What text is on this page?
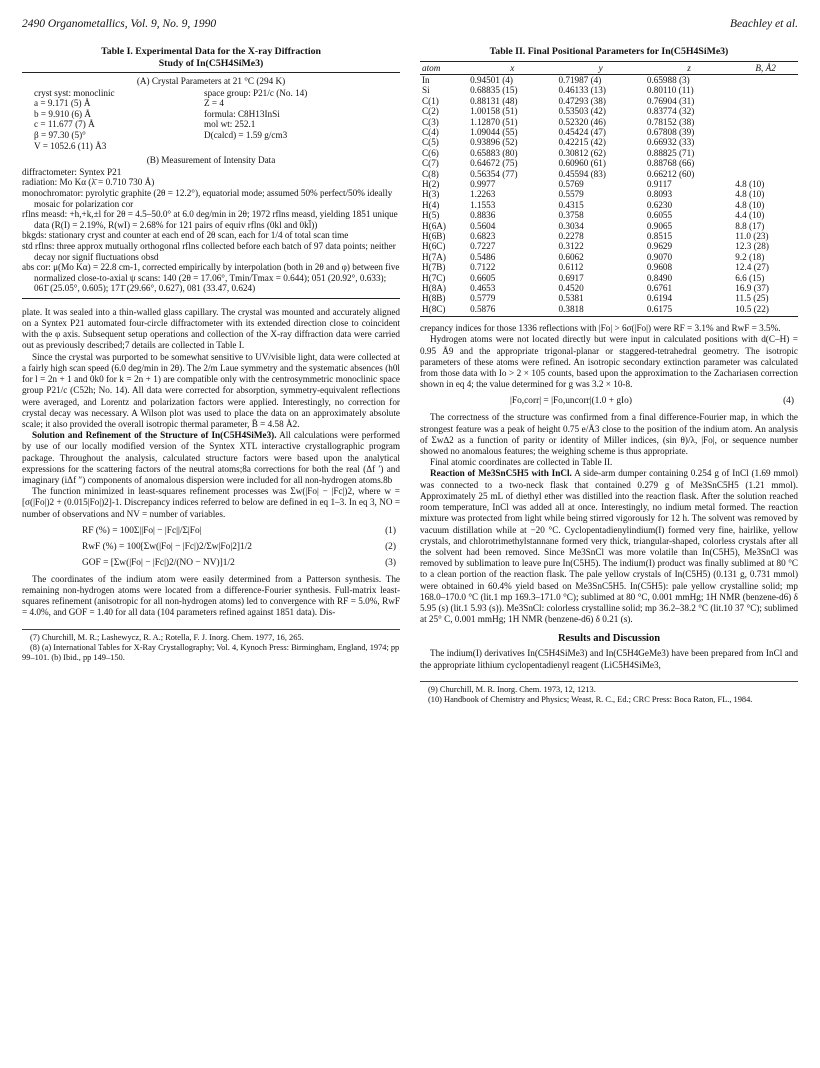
2490 Organometallics, Vol. 9, No. 9, 1990	Beachley et al.
Table I. Experimental Data for the X-ray Diffraction
Study of In(C5H4SiMe3)
(A) Crystal Parameters at 21 °C (294 K)
cryst syst: monoclinic	space group: P21/c (No. 14)
a = 9.171 (5) Å	Z = 4
b = 9.910 (6) Å	formula: C8H13InSi
c = 11.677 (7) Å	mol wt: 252.1
β = 97.30 (5)°	D(calcd) = 1.59 g/cm3
V = 1052.6 (11) Å3
(B) Measurement of Intensity Data
diffractometer: Syntex P21
radiation: Mo Kα (λ̄ = 0.710 730 Å)
monochromator: pyrolytic graphite (2θ = 12.2°), equatorial mode; assumed 50% perfect/50% ideally mosaic for polarization cor
rflns measd: +h,+k,±l for 2θ = 4.5–50.0° at 6.0 deg/min in 2θ; 1972 rflns measd, yielding 1851 unique data (R(I) = 2.19%, R(wI) = 2.68% for 121 pairs of equiv rflns (0kl and 0kl̄))
bkgds: stationary cryst and counter at each end of 2θ scan, each for 1/4 of total scan time
std rflns: three approx mutually orthogonal rflns collected before each batch of 97 data points; neither decay nor signif fluctuations obsd
abs cor: μ(Mo Kα) = 22.8 cm-1, corrected empirically by interpolation (both in 2θ and φ) between five normalized close-to-axial ψ scans: 140 (2θ = 17.06°, Tmin/Tmax = 0.644); 051 (20.92°, 0.633); 061̄ (25.05°, 0.605); 171̄ (29.66°, 0.627), 081 (33.47, 0.624)

plate. It was sealed into a thin-walled glass capillary. The crystal was mounted and accurately aligned on a Syntex P21 automated four-circle diffractometer with its extended direction close to coincident with the φ axis. Subsequent setup operations and collection of the X-ray diffraction data were carried out as previously described;7 details are collected in Table I.

Since the crystal was purported to be somewhat sensitive to UV/visible light, data were collected at a fairly high scan speed (6.0 deg/min in 2θ). The 2/m Laue symmetry and the systematic absences (h0l for l = 2n + 1 and 0k0 for k = 2n + 1) are compatible only with the centrosymmetric monoclinic space group P21/c (C52h; No. 14). All data were corrected for absorption, symmetry-equivalent reflections were averaged, and Lorentz and polarization factors were applied. Interestingly, no correction for crystal decay was necessary. A Wilson plot was used to place the data on an approximately absolute scale; it also provided the overall isotropic thermal parameter, B̄ = 4.58 Å2.

Solution and Refinement of the Structure of In(C5H4SiMe3). All calculations were performed by use of our locally modified version of the Syntex XTL interactive crystallographic program package. Throughout the analysis, calculated structure factors were based upon the analytical expressions for the scattering factors of the neutral atoms;8a corrections for both the real (Δf ′) and imaginary (iΔf ″) components of anomalous dispersion were included for all non-hydrogen atoms.8b

The function minimized in least-squares refinement processes was Σw(|Fo| − |Fc|)2, where w = [σ(|Fo|)2 + (0.015|Fo|)2]-1. Discrepancy indices referred to below are defined in eq 1–3. In eq 3, NO = number of observations and NV = number of variables.

RF (%) = 100Σ||Fo| − |Fc||/Σ|Fo|	(1)
RwF (%) = 100[Σw(|Fo| − |Fc|)2/Σw|Fo|2]1/2	(2)
GOF = [Σw(|Fo| − |Fc|)2/(NO − NV)]1/2	(3)

The coordinates of the indium atom were easily determined from a Patterson synthesis. The remaining non-hydrogen atoms were located from a difference-Fourier synthesis. Full-matrix least-squares refinement (anisotropic for all non-hydrogen atoms) led to convergence with RF = 5.0%, RwF = 4.0%, and GOF = 1.40 for all data (104 parameters refined against 1851 data). Dis-

(7) Churchill, M. R.; Lashewycz, R. A.; Rotella, F. J. Inorg. Chem. 1977, 16, 265.
(8) (a) International Tables for X-Ray Crystallography; Vol. 4, Kynoch Press: Birmingham, England, 1974; pp 99–101. (b) Ibid., pp 149–150.
Table II. Final Positional Parameters for In(C5H4SiMe3)
atom	x	y	z	B, Å2
In	0.94501 (4)	0.71987 (4)	0.65988 (3)	
Si	0.68835 (15)	0.46133 (13)	0.80110 (11)	
C(1)	0.88131 (48)	0.47293 (38)	0.76904 (31)	
C(2)	1.00158 (51)	0.53503 (42)	0.83774 (32)	
C(3)	1.12870 (51)	0.52320 (46)	0.78152 (38)	
C(4)	1.09044 (55)	0.45424 (47)	0.67808 (39)	
C(5)	0.93896 (52)	0.42215 (42)	0.66932 (33)	
C(6)	0.65883 (80)	0.30812 (62)	0.88825 (71)	
C(7)	0.64672 (75)	0.60960 (61)	0.88768 (66)	
C(8)	0.56354 (77)	0.45594 (83)	0.66212 (60)	
H(2)	0.9977	0.5769	0.9117	4.8 (10)
H(3)	1.2263	0.5579	0.8093	4.8 (10)
H(4)	1.1553	0.4315	0.6230	4.8 (10)
H(5)	0.8836	0.3758	0.6055	4.4 (10)
H(6A)	0.5604	0.3034	0.9065	8.8 (17)
H(6B)	0.6823	0.2278	0.8515	11.0 (23)
H(6C)	0.7227	0.3122	0.9629	12.3 (28)
H(7A)	0.5486	0.6062	0.9070	9.2 (18)
H(7B)	0.7122	0.6112	0.9608	12.4 (27)
H(7C)	0.6605	0.6917	0.8490	6.6 (15)
H(8A)	0.4653	0.4520	0.6761	16.9 (37)
H(8B)	0.5779	0.5381	0.6194	11.5 (25)
H(8C)	0.5876	0.3818	0.6175	10.5 (22)

crepancy indices for those 1336 reflections with |Fo| > 6σ(|Fo|) were RF = 3.1% and RwF = 3.5%.

Hydrogen atoms were not located directly but were input in calculated positions with d(C–H) = 0.95 Å9 and the appropriate trigonal-planar or staggered-tetrahedral geometry. The isotropic parameters of these atoms were refined. An isotropic secondary extinction parameter was calculated from those data with Io > 2 × 105 counts, based upon the approximation to the Zachariasen correction shown in eq 4; the value determined for g was 3.2 × 10-8.

|Fo,corr| = |Fo,uncorr|(1.0 + gIo)	(4)

The correctness of the structure was confirmed from a final difference-Fourier map, in which the strongest feature was a peak of height 0.75 e/Å3 close to the position of the indium atom. An analysis of Σw∆2 as a function of parity or identity of Miller indices, (sin θ)/λ, |Fo|, or sequence number showed no anomalous features; the weighing scheme is thus appropriate.

Final atomic coordinates are collected in Table II.

Reaction of Me3SnC5H5 with InCl. A side-arm dumper containing 0.254 g of InCl (1.69 mmol) was connected to a two-neck flask that contained 0.279 g of Me3SnC5H5 (1.21 mmol). Approximately 25 mL of diethyl ether was distilled into the reaction flask. After the solution reached room temperature, InCl was added all at once. Interestingly, no indium metal formed. The reaction mixture was protected from light while being stirred vigorously for 12 h. The solvent was removed by vacuum distillation while at −20 °C. Cyclopentadienylindium(I) formed very fine, hairlike, yellow crystals, and chlorotrimethylstannane formed very thick, triangular-shaped, colorless crystals after all the solvent had been removed. Since Me3SnCl was more volatile than In(C5H5), Me3SnCl was removed by sublimation to leave pure In(C5H5). The indium(I) product was finally sublimed at 80 °C to a clean portion of the reaction flask. The pale yellow crystals of In(C5H5) (0.131 g, 0.731 mmol) were obtained in 60.4% yield based on Me3SnC5H5. In(C5H5): pale yellow crystalline solid; mp 168.0–170.0 °C (lit.1 mp 169.3–171.0 °C); sublimed at 80 °C, 0.001 mmHg; 1H NMR (benzene-d6) δ 5.95 (s) (lit.1 5.93 (s)). Me3SnCl: colorless crystalline solid; mp 36.2–38.2 °C (lit.10 37 °C); sublimed at 25° C, 0.001 mmHg; 1H NMR (benzene-d6) δ 0.21 (s).

Results and Discussion

The indium(I) derivatives In(C5H4SiMe3) and In(C5H4GeMe3) have been prepared from InCl and the appropriate lithium cyclopentadienyl reagent (LiC5H4SiMe3,

(9) Churchill, M. R. Inorg. Chem. 1973, 12, 1213.
(10) Handbook of Chemistry and Physics; Weast, R. C., Ed.; CRC Press: Boca Raton, FL., 1984.
